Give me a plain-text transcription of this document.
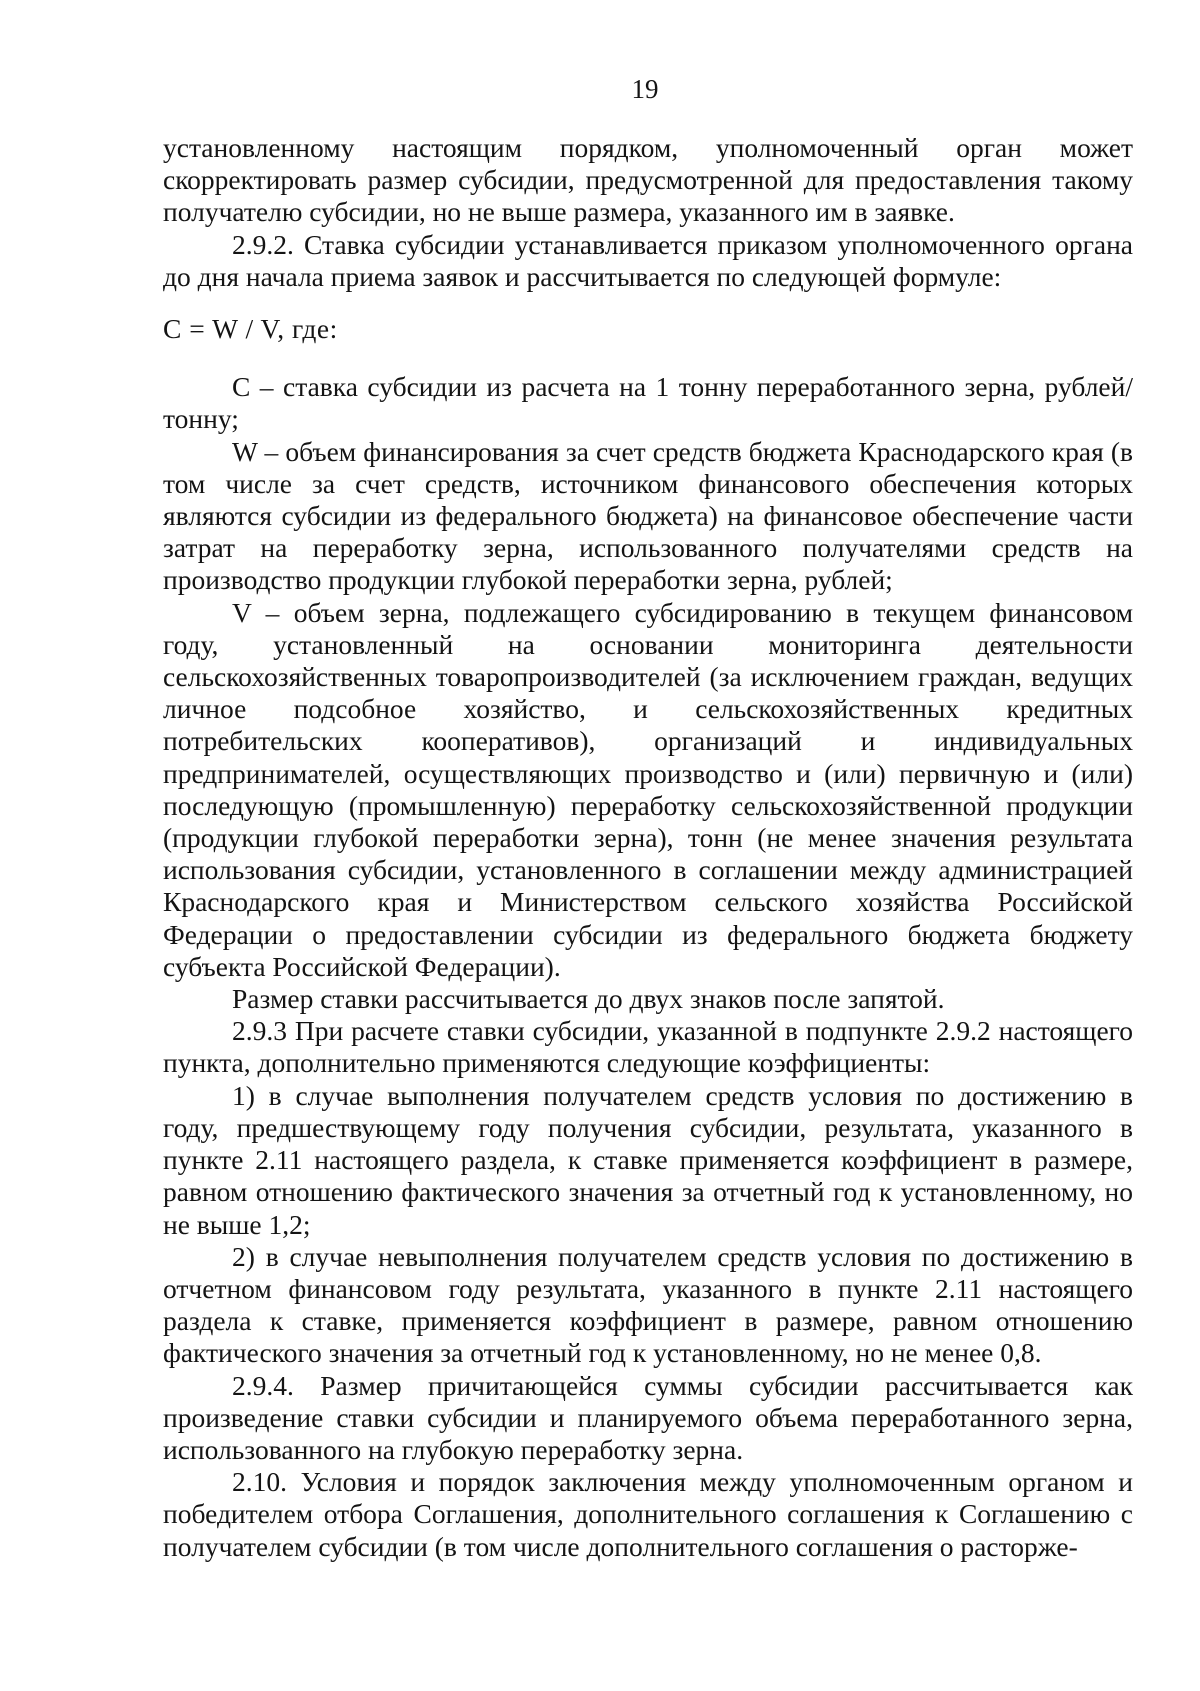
19

установленному настоящим порядком, уполномоченный орган может скорректировать размер субсидии, предусмотренной для предоставления такому получателю субсидии, но не выше размера, указанного им в заявке.

2.9.2. Ставка субсидии устанавливается приказом уполномоченного органа до дня начала приема заявок и рассчитывается по следующей формуле:

C = W / V, где:

C – ставка субсидии из расчета на 1 тонну переработанного зерна, рублей/тонну;

W – объем финансирования за счет средств бюджета Краснодарского края (в том числе за счет средств, источником финансового обеспечения которых являются субсидии из федерального бюджета) на финансовое обеспечение части затрат на переработку зерна, использованного получателями средств на производство продукции глубокой переработки зерна, рублей;

V – объем зерна, подлежащего субсидированию в текущем финансовом году, установленный на основании мониторинга деятельности сельскохозяйственных товаропроизводителей (за исключением граждан, ведущих личное подсобное хозяйство, и сельскохозяйственных кредитных потребительских кооперативов), организаций и индивидуальных предпринимателей, осуществляющих производство и (или) первичную и (или) последующую (промышленную) переработку сельскохозяйственной продукции (продукции глубокой переработки зерна), тонн (не менее значения результата использования субсидии, установленного в соглашении между администрацией Краснодарского края и Министерством сельского хозяйства Российской Федерации о предоставлении субсидии из федерального бюджета бюджету субъекта Российской Федерации).

Размер ставки рассчитывается до двух знаков после запятой.

2.9.3 При расчете ставки субсидии, указанной в подпункте 2.9.2 настоящего пункта, дополнительно применяются следующие коэффициенты:

1) в случае выполнения получателем средств условия по достижению в году, предшествующему году получения субсидии, результата, указанного в пункте 2.11 настоящего раздела, к ставке применяется коэффициент в размере, равном отношению фактического значения за отчетный год к установленному, но не выше 1,2;

2) в случае невыполнения получателем средств условия по достижению в отчетном финансовом году результата, указанного в пункте 2.11 настоящего раздела к ставке, применяется коэффициент в размере, равном отношению фактического значения за отчетный год к установленному, но не менее 0,8.

2.9.4. Размер причитающейся суммы субсидии рассчитывается как произведение ставки субсидии и планируемого объема переработанного зерна, использованного на глубокую переработку зерна.

2.10. Условия и порядок заключения между уполномоченным органом и победителем отбора Соглашения, дополнительного соглашения к Соглашению с получателем субсидии (в том числе дополнительного соглашения о расторже-
